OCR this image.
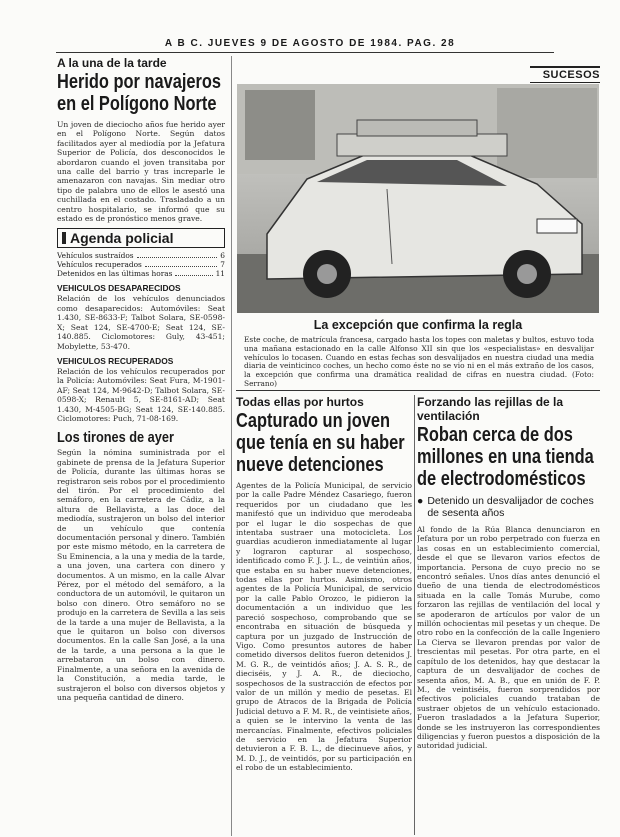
A B C. JUEVES 9 DE AGOSTO DE 1984. PAG. 28
A la una de la tarde
Herido por navajeros en el Polígono Norte

Un joven de dieciocho años fue herido ayer en el Polígono Norte. Según datos facilitados ayer al mediodía por la Jefatura Superior de Policía, dos desconocidos le abordaron cuando el joven transitaba por una calle del barrio y tras increparle le amenazaron con navajas. Sin mediar otro tipo de palabra uno de ellos le asestó una cuchillada en el costado. Trasladado a un centro hospitalario, se informó que su estado es de pronóstico menos grave.

Agenda policial
Vehículos sustraídos	6
Vehículos recuperados	7
Detenidos en las últimas horas	11
VEHICULOS DESAPARECIDOS

Relación de los vehículos denunciados como desaparecidos: Automóviles: Seat 1.430, SE-8633-F; Talbot Solara, SE-0598-X; Seat 124, SE-4700-E; Seat 124, SE-140.885. Ciclomotores: Guly, 43-451; Mobylette, 53-470.

VEHICULOS RECUPERADOS

Relación de los vehículos recuperados por la Policía: Automóviles: Seat Fura, M-1901-AF; Seat 124, M-9642-D; Talbot Solara, SE-0598-X; Renault 5, SE-8161-AD; Seat 1.430, M-4505-BG; Seat 124, SE-140.885. Ciclomotores: Puch, 71-08-169.

Los tirones de ayer

Según la nómina suministrada por el gabinete de prensa de la Jefatura Superior de Policía, durante las últimas horas se registraron seis robos por el procedimiento del tirón. Por el procedimiento del semáforo, en la carretera de Cádiz, a la altura de Bellavista, a las doce del mediodía, sustrajeron un bolso del interior de un vehículo que contenía documentación personal y dinero. También por este mismo método, en la carretera de Su Eminencia, a la una y media de la tarde, a una joven, una cartera con dinero y documentos. A un mismo, en la calle Alvar Pérez, por el método del semáforo, a la conductora de un automóvil, le quitaron un bolso con dinero. Otro semáforo no se produjo en la carretera de Sevilla a las seis de la tarde a una mujer de Bellavista, a la que le quitaron un bolso con diversos documentos. En la calle San José, a la una de la tarde, a una persona a la que le arrebataron un bolso con dinero. Finalmente, a una señora en la avenida de la Constitución, a media tarde, le sustrajeron el bolso con diversos objetos y una pequeña cantidad de dinero.

SUCESOS
La excepción que confirma la regla
Este coche, de matrícula francesa, cargado hasta los topes con maletas y bultos, estuvo toda una mañana estacionado en la calle Alfonso XII sin que los «especialistas» en desvalijar vehículos lo tocasen. Cuando en estas fechas son desvalijados en nuestra ciudad una media diaria de veinticinco coches, un hecho como éste no se vio ni en el más extraño de los casos, la excepción que confirma una dramática realidad de cifras en nuestra ciudad. (Foto: Serrano)
Todas ellas por hurtos
Capturado un joven que tenía en su haber nueve detenciones

Agentes de la Policía Municipal, de servicio por la calle Padre Méndez Casariego, fueron requeridos por un ciudadano que les manifestó que un individuo que merodeaba por el lugar le dio sospechas de que intentaba sustraer una motocicleta. Los guardias acudieron inmediatamente al lugar y lograron capturar al sospechoso, identificado como F. J. J. L., de veintiún años, que estaba en su haber nueve detenciones, todas ellas por hurtos. Asimismo, otros agentes de la Policía Municipal, de servicio por la calle Pablo Orozco, le pidieron la documentación a un individuo que les pareció sospechoso, comprobando que se encontraba en situación de búsqueda y captura por un juzgado de Instrucción de Vigo. Como presuntos autores de haber cometido diversos delitos fueron detenidos J. M. G. R., de veintidós años; J. A. S. R., de dieciséis, y J. A. R., de dieciocho, sospechosos de la sustracción de efectos por valor de un millón y medio de pesetas. El grupo de Atracos de la Brigada de Policía Judicial detuvo a F. M. R., de veintisiete años, a quien se le intervino la venta de las mercancías. Finalmente, efectivos policiales de servicio en la Jefatura Superior detuvieron a F. B. L., de diecinueve años, y M. D. J., de veintidós, por su participación en el robo de un establecimiento.

Forzando las rejillas de la ventilación
Roban cerca de dos millones en una tienda de electrodomésticos
● Detenido un desvalijador de coches de sesenta años

Al fondo de la Rúa Blanca denunciaron en Jefatura por un robo perpetrado con fuerza en las cosas en un establecimiento comercial, desde el que se llevaron varios efectos de importancia. Persona de cuyo precio no se encontró señales. Unos días antes denunció el dueño de una tienda de electrodomésticos situada en la calle Tomás Murube, como forzaron las rejillas de ventilación del local y se apoderaron de artículos por valor de un millón ochocientas mil pesetas y un cheque. De otro robo en la confección de la calle Ingeniero La Cierva se llevaron prendas por valor de trescientas mil pesetas. Por otra parte, en el capítulo de los detenidos, hay que destacar la captura de un desvalijador de coches de sesenta años, M. A. B., que en unión de F. P. M., de veintiséis, fueron sorprendidos por efectivos policiales cuando trataban de sustraer objetos de un vehículo estacionado. Fueron trasladados a la Jefatura Superior, donde se les instruyeron las correspondientes diligencias y fueron puestos a disposición de la autoridad judicial.
